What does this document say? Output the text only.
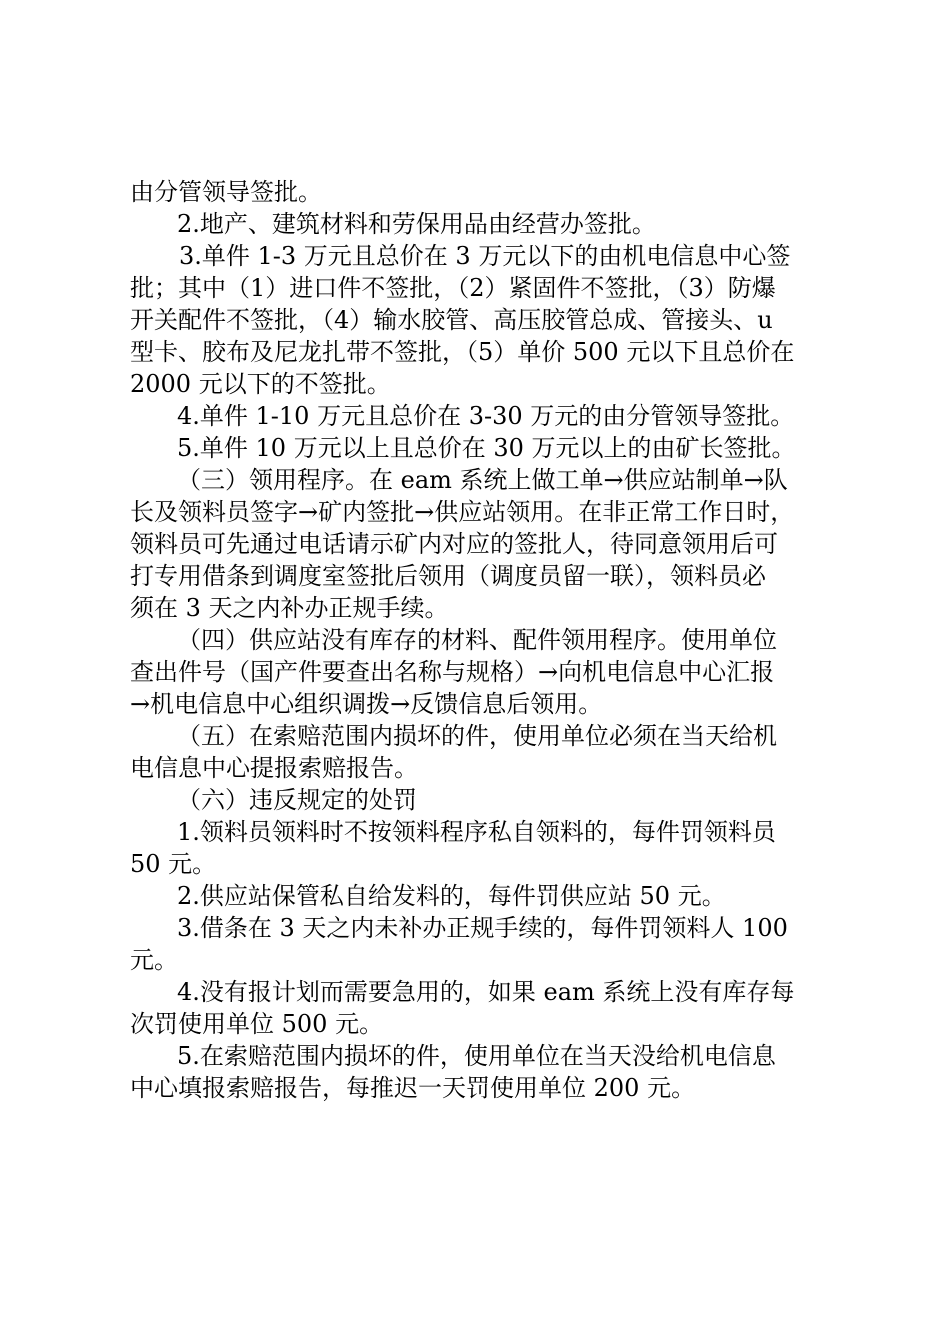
由分管领导签批。
2.地产、建筑材料和劳保用品由经营办签批。
3.单件 1-3 万元且总价在 3 万元以下的由机电信息中心签
批；其中（1）进口件不签批，（2）紧固件不签批，（3）防爆
开关配件不签批，（4）输水胶管、高压胶管总成、管接头、u
型卡、胶布及尼龙扎带不签批，（5）单价 500 元以下且总价在
2000 元以下的不签批。
4.单件 1-10 万元且总价在 3-30 万元的由分管领导签批。
5.单件 10 万元以上且总价在 30 万元以上的由矿长签批。
（三）领用程序。在 eam 系统上做工单→供应站制单→队
长及领料员签字→矿内签批→供应站领用。在非正常工作日时，
领料员可先通过电话请示矿内对应的签批人，待同意领用后可
打专用借条到调度室签批后领用（调度员留一联），领料员必
须在 3 天之内补办正规手续。
（四）供应站没有库存的材料、配件领用程序。使用单位
查出件号（国产件要查出名称与规格）→向机电信息中心汇报
→机电信息中心组织调拨→反馈信息后领用。
（五）在索赔范围内损坏的件，使用单位必须在当天给机
电信息中心提报索赔报告。
（六）违反规定的处罚
1.领料员领料时不按领料程序私自领料的，每件罚领料员
50 元。
2.供应站保管私自给发料的，每件罚供应站 50 元。
3.借条在 3 天之内未补办正规手续的，每件罚领料人 100
元。
4.没有报计划而需要急用的，如果 eam 系统上没有库存每
次罚使用单位 500 元。
5.在索赔范围内损坏的件，使用单位在当天没给机电信息
中心填报索赔报告，每推迟一天罚使用单位 200 元。
